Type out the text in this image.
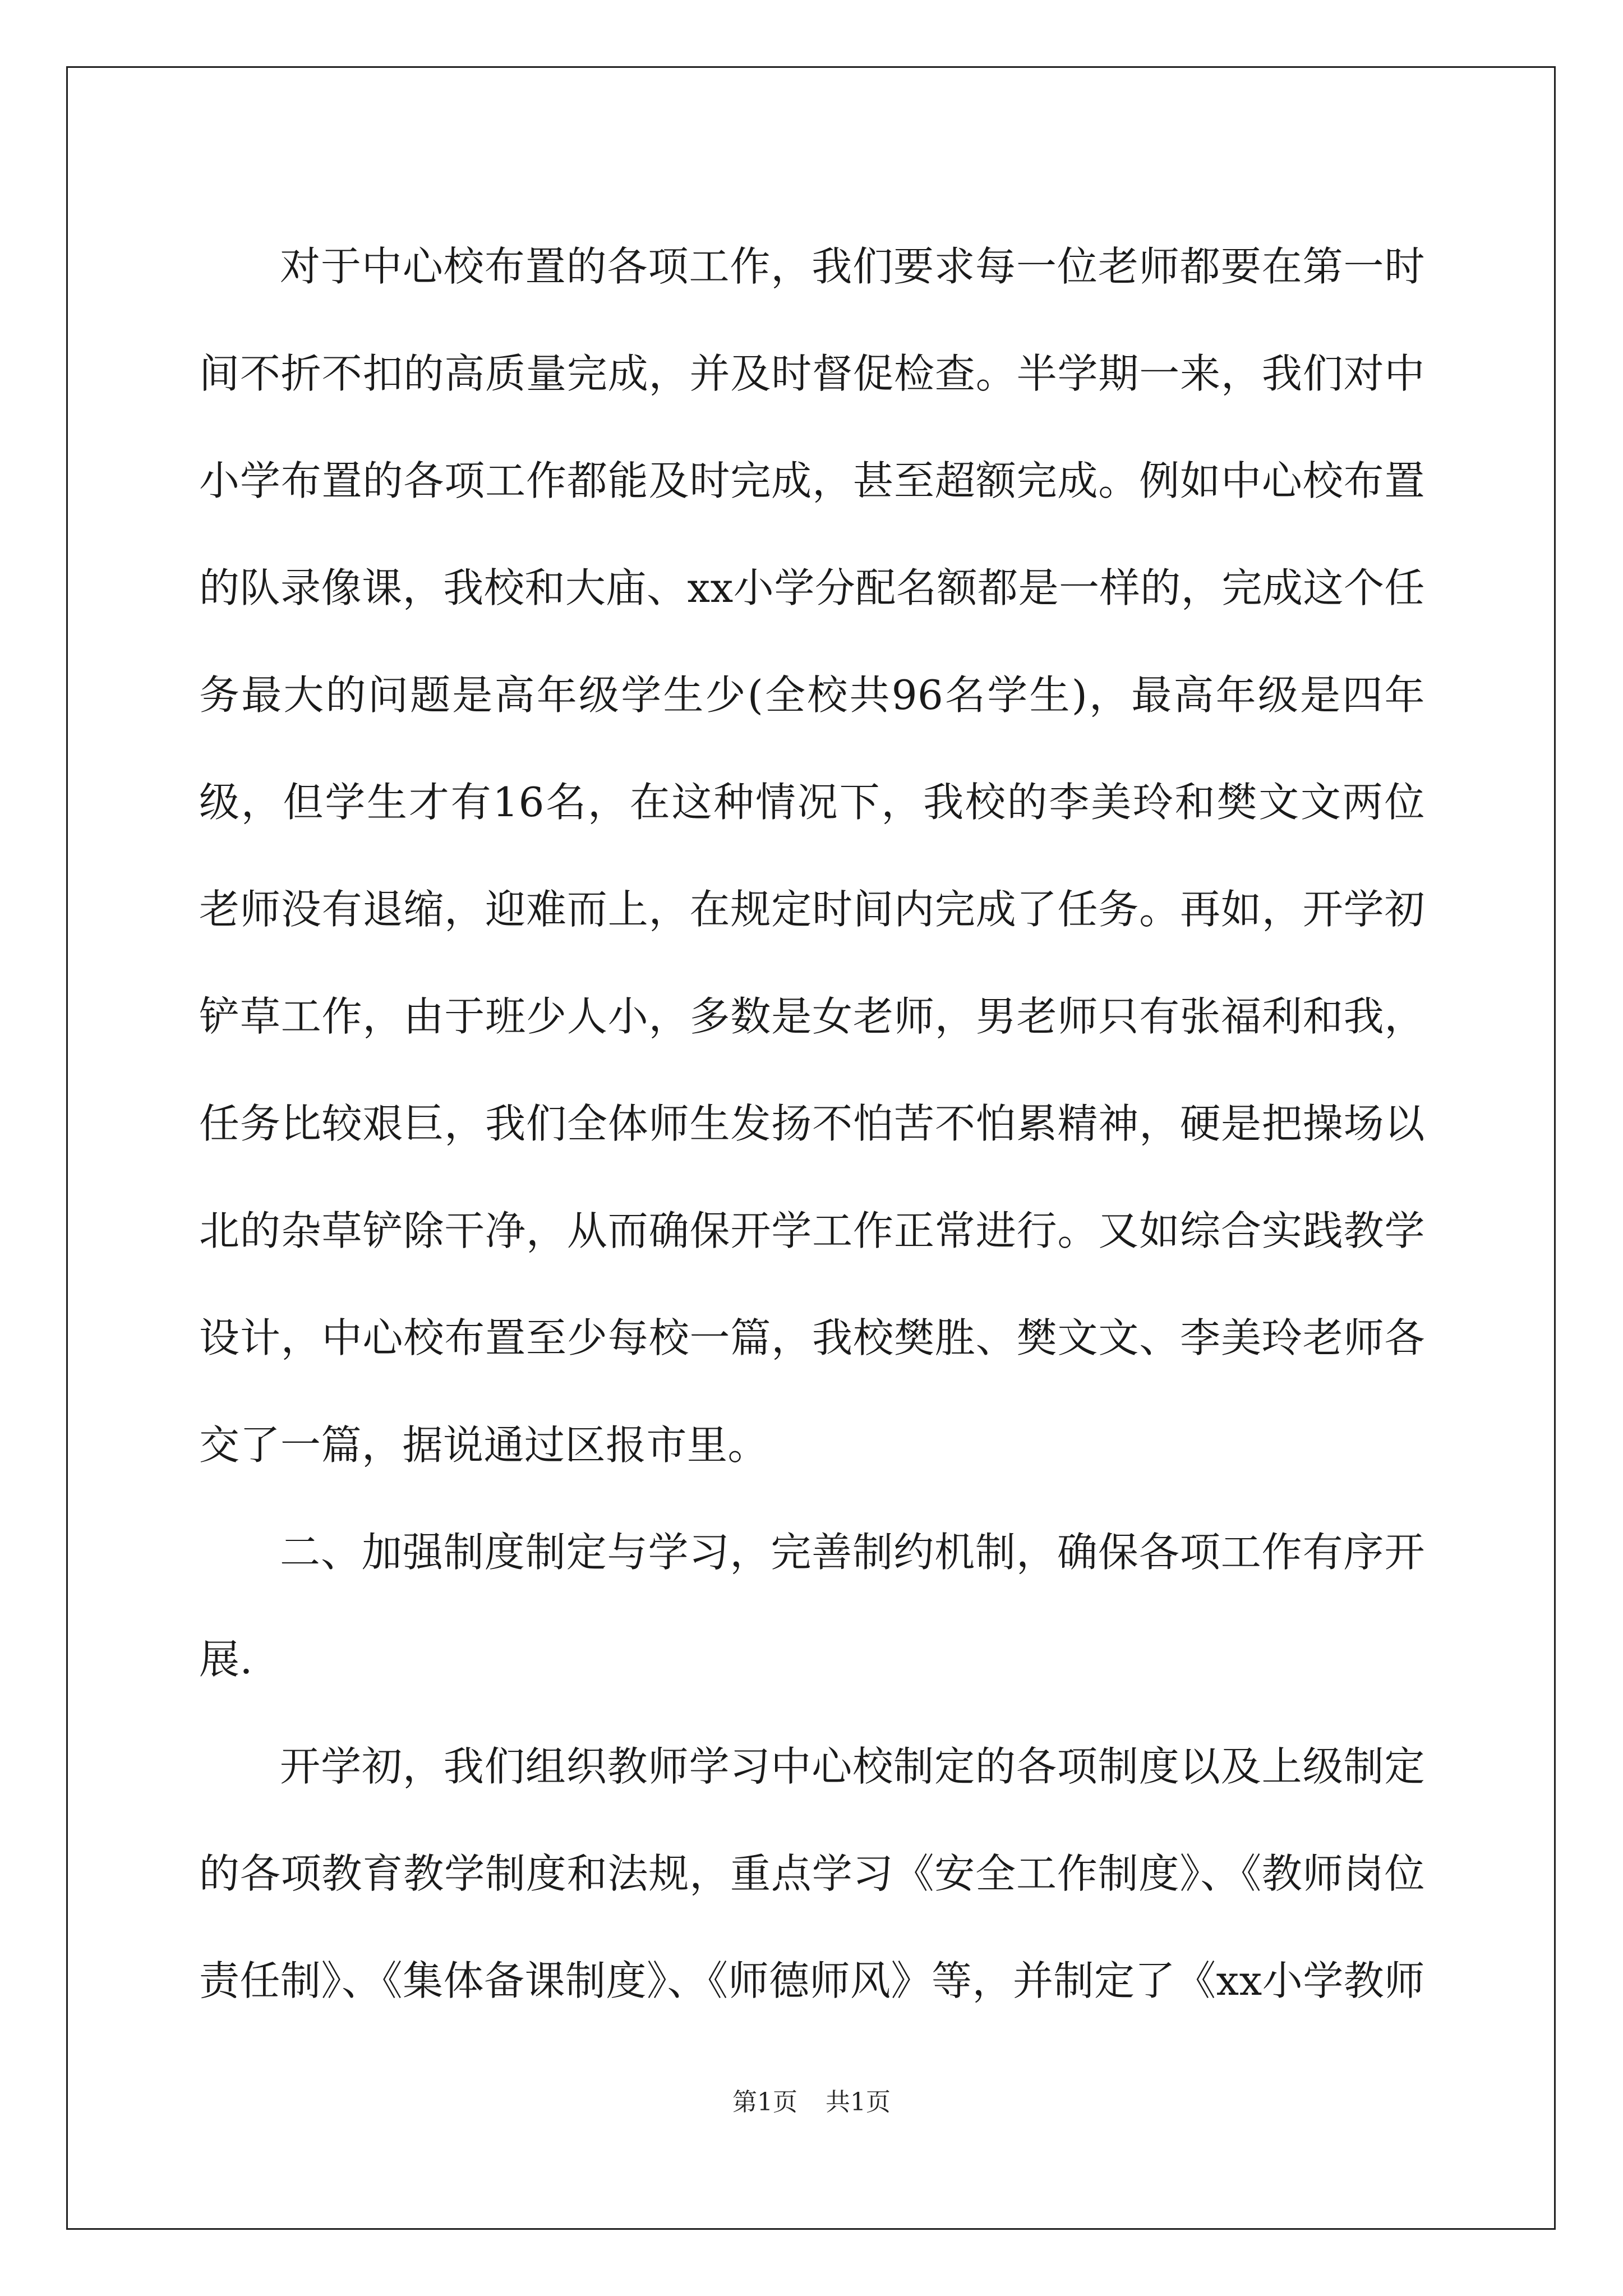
对于中心校布置的各项工作，我们要求每一位老师都要在第一时间不折不扣的高质量完成，并及时督促检查。半学期一来，我们对中小学布置的各项工作都能及时完成，甚至超额完成。例如中心校布置的队录像课，我校和大庙、xx小学分配名额都是一样的，完成这个任务最大的问题是高年级学生少(全校共96名学生)，最高年级是四年级，但学生才有16名，在这种情况下，我校的李美玲和樊文文两位老师没有退缩，迎难而上，在规定时间内完成了任务。再如，开学初铲草工作，由于班少人小，多数是女老师，男老师只有张福利和我，任务比较艰巨，我们全体师生发扬不怕苦不怕累精神，硬是把操场以北的杂草铲除干净，从而确保开学工作正常进行。又如综合实践教学设计，中心校布置至少每校一篇，我校樊胜、樊文文、李美玲老师各交了一篇，据说通过区报市里。

二、加强制度制定与学习，完善制约机制，确保各项工作有序开展.

开学初，我们组织教师学习中心校制定的各项制度以及上级制定的各项教育教学制度和法规，重点学习《安全工作制度》、《教师岗位责任制》、《集体备课制度》、《师德师风》等，并制定了《xx小学教师

第1页 共1页
